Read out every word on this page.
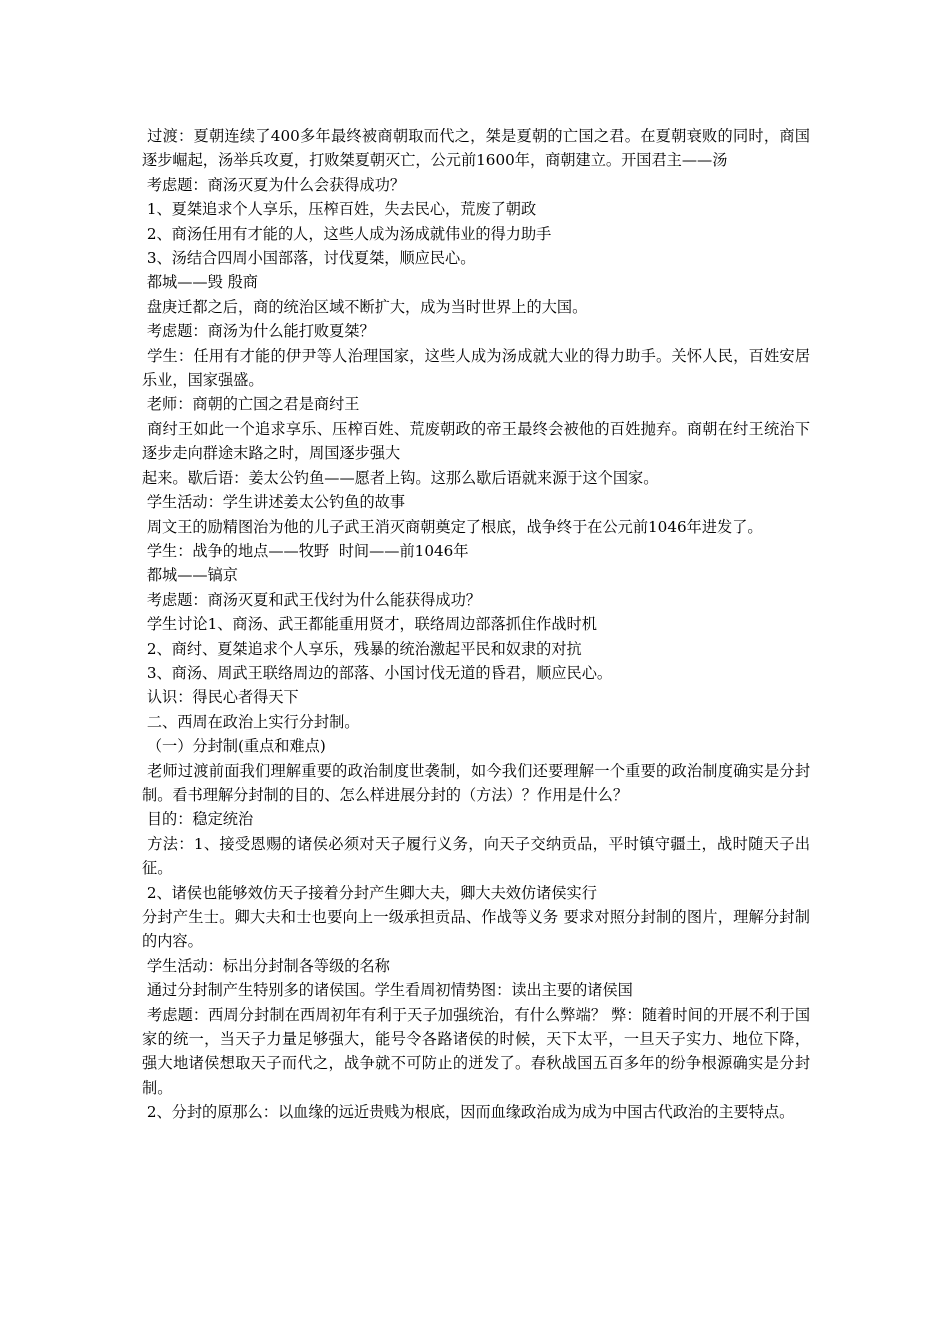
过渡：夏朝连续了400多年最终被商朝取而代之，桀是夏朝的亡国之君。在夏朝衰败的同时，商国逐步崛起，汤举兵攻夏，打败桀夏朝灭亡，公元前1600年，商朝建立。开国君主——汤

考虑题：商汤灭夏为什么会获得成功？

1、夏桀追求个人享乐，压榨百姓，失去民心，荒废了朝政

2、商汤任用有才能的人，这些人成为汤成就伟业的得力助手

3、汤结合四周小国部落，讨伐夏桀，顺应民心。

都城——毁 殷商

盘庚迁都之后，商的统治区域不断扩大，成为当时世界上的大国。

考虑题：商汤为什么能打败夏桀？

学生：任用有才能的伊尹等人治理国家，这些人成为汤成就大业的得力助手。关怀人民，百姓安居乐业，国家强盛。

老师：商朝的亡国之君是商纣王

商纣王如此一个追求享乐、压榨百姓、荒废朝政的帝王最终会被他的百姓抛弃。商朝在纣王统治下逐步走向群途末路之时，周国逐步强大

起来。歇后语：姜太公钓鱼——愿者上钩。这那么歇后语就来源于这个国家。

学生活动：学生讲述姜太公钓鱼的故事

周文王的励精图治为他的儿子武王消灭商朝奠定了根底，战争终于在公元前1046年进发了。

学生：战争的地点——牧野  时间——前1046年

都城——镐京

考虑题：商汤灭夏和武王伐纣为什么能获得成功？

学生讨论1、商汤、武王都能重用贤才，联络周边部落抓住作战时机

2、商纣、夏桀追求个人享乐，残暴的统治激起平民和奴隶的对抗

3、商汤、周武王联络周边的部落、小国讨伐无道的昏君，顺应民心。

认识：得民心者得天下

二、西周在政治上实行分封制。

（一）分封制(重点和难点)

老师过渡前面我们理解重要的政治制度世袭制，如今我们还要理解一个重要的政治制度确实是分封制。看书理解分封制的目的、怎么样进展分封的（方法）？作用是什么？

目的：稳定统治

方法：1、接受恩赐的诸侯必须对天子履行义务，向天子交纳贡品，平时镇守疆土，战时随天子出征。

2、诸侯也能够效仿天子接着分封产生卿大夫，卿大夫效仿诸侯实行

分封产生士。卿大夫和士也要向上一级承担贡品、作战等义务 要求对照分封制的图片，理解分封制的内容。

学生活动：标出分封制各等级的名称

通过分封制产生特别多的诸侯国。学生看周初情势图：读出主要的诸侯国

考虑题：西周分封制在西周初年有利于天子加强统治，有什么弊端？ 弊：随着时间的开展不利于国家的统一，当天子力量足够强大，能号令各路诸侯的时候，天下太平，一旦天子实力、地位下降，强大地诸侯想取天子而代之，战争就不可防止的迸发了。春秋战国五百多年的纷争根源确实是分封制。

2、分封的原那么：以血缘的远近贵贱为根底，因而血缘政治成为成为中国古代政治的主要特点。
